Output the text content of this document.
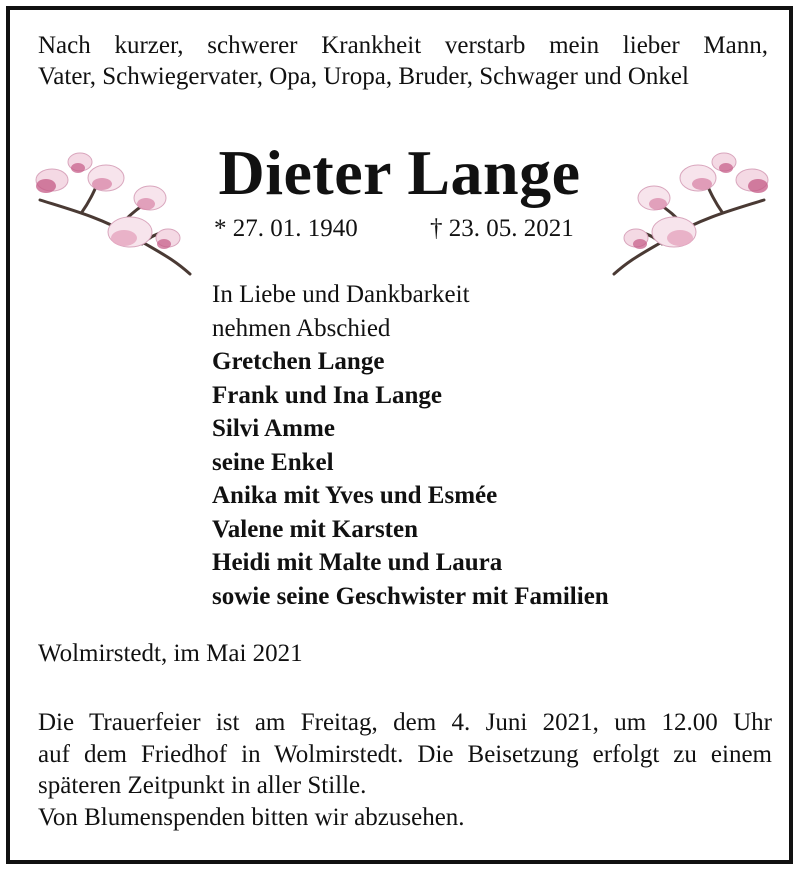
Nach kurzer, schwerer Krankheit verstarb mein lieber Mann,
Vater, Schwiegervater, Opa, Uropa, Bruder, Schwager und Onkel
Dieter Lange
* 27. 01. 1940	† 23. 05. 2021
In Liebe und Dankbarkeit
nehmen Abschied
Gretchen Lange
Frank und Ina Lange
Silvi Amme
seine Enkel
Anika mit Yves und Esmée
Valene mit Karsten
Heidi mit Malte und Laura
sowie seine Geschwister mit Familien
Wolmirstedt, im Mai 2021
Die Trauerfeier ist am Freitag, dem 4. Juni 2021, um 12.00 Uhr
auf dem Friedhof in Wolmirstedt. Die Beisetzung erfolgt zu einem
späteren Zeitpunkt in aller Stille.
Von Blumenspenden bitten wir abzusehen.
